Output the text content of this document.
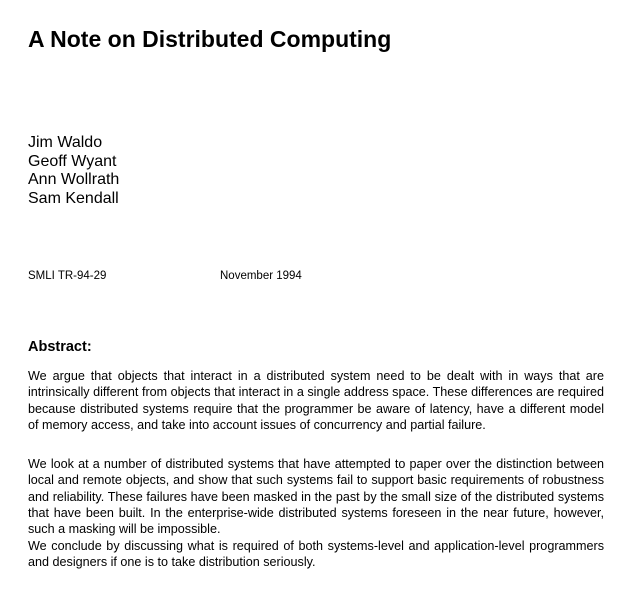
A Note on Distributed Computing
Jim Waldo
Geoff Wyant
Ann Wollrath
Sam Kendall
SMLI TR-94-29	November 1994
Abstract:

We argue that objects that interact in a distributed system need to be dealt with in ways that are intrinsically different from objects that interact in a single address space. These differences are required because distributed systems require that the programmer be aware of latency, have a different model of memory access, and take into account issues of concurrency and partial failure.

We look at a number of distributed systems that have attempted to paper over the distinction between local and remote objects, and show that such systems fail to support basic requirements of robustness and reliability. These failures have been masked in the past by the small size of the distributed systems that have been built. In the enterprise-wide distributed systems foreseen in the near future, however, such a masking will be impossible.

We conclude by discussing what is required of both systems-level and application-level programmers and designers if one is to take distribution seriously.
